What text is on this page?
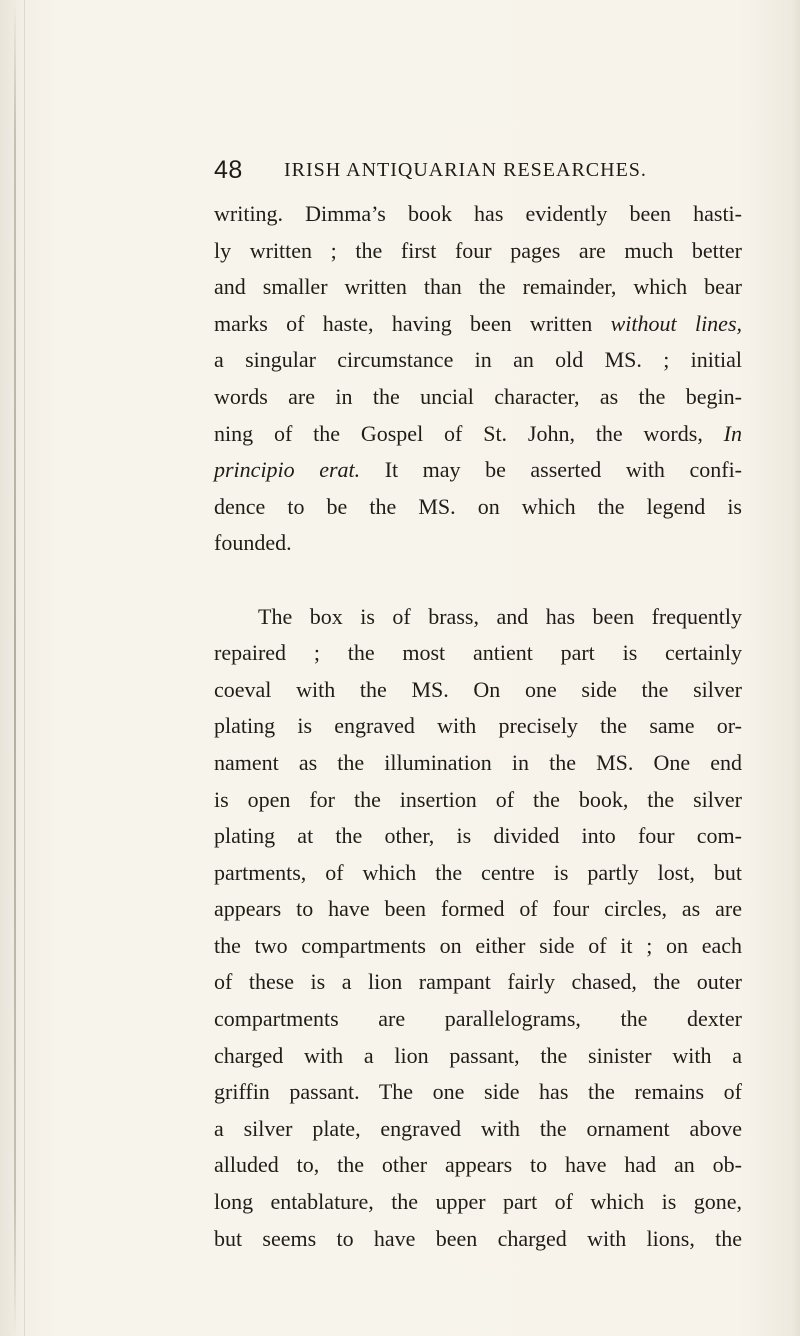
48 IRISH ANTIQUARIAN RESEARCHES.
writing. Dimma’s book has evidently been hasti-
ly written ; the first four pages are much better
and smaller written than the remainder, which bear
marks of haste, having been written without lines,
a singular circumstance in an old MS. ; initial
words are in the uncial character, as the begin-
ning of the Gospel of St. John, the words, In
principio erat. It may be asserted with confi-
dence to be the MS. on which the legend is
founded.
The box is of brass, and has been frequently
repaired ; the most antient part is certainly
coeval with the MS. On one side the silver
plating is engraved with precisely the same or-
nament as the illumination in the MS. One end
is open for the insertion of the book, the silver
plating at the other, is divided into four com-
partments, of which the centre is partly lost, but
appears to have been formed of four circles, as are
the two compartments on either side of it ; on each
of these is a lion rampant fairly chased, the outer
compartments are parallelograms, the dexter
charged with a lion passant, the sinister with a
griffin passant. The one side has the remains of
a silver plate, engraved with the ornament above
alluded to, the other appears to have had an ob-
long entablature, the upper part of which is gone,
but seems to have been charged with lions, the
